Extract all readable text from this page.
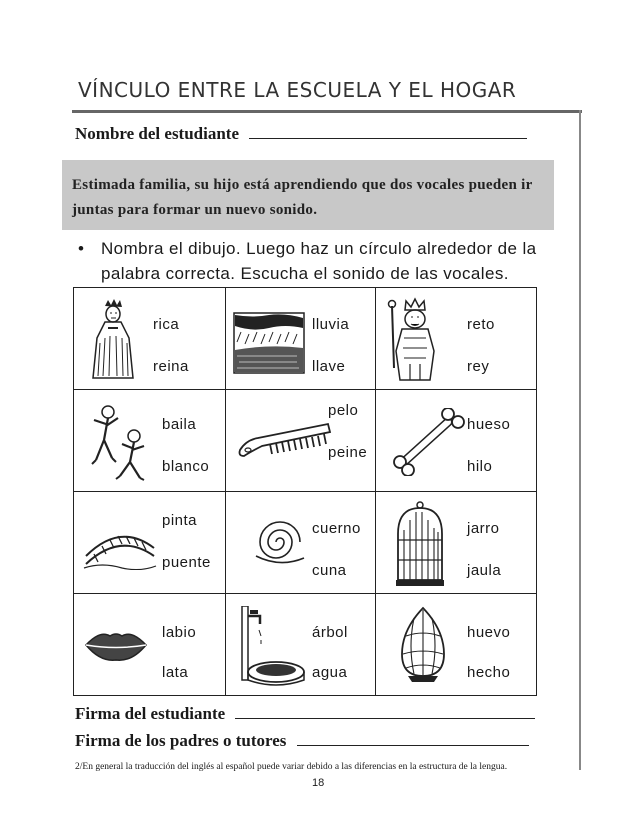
VÍNCULO ENTRE LA ESCUELA Y EL HOGAR
Nombre del estudiante
Estimada familia, su hijo está aprendiendo que dos vocales pueden ir juntas para formar un nuevo sonido.
• Nombra el dibujo. Luego haz un círculo alrededor de la palabra correcta. Escucha el sonido de las vocales.
rica
reina
lluvia
llave
reto
rey
baila
blanco
pelo
peine
hueso
hilo
pinta
puente
cuerno
cuna
jarro
jaula
labio
lata
árbol
agua
huevo
hecho
Firma del estudiante
Firma de los padres o tutores
2/En general la traducción del inglés al español puede variar debido a las diferencias en la estructura de la lengua.
18
